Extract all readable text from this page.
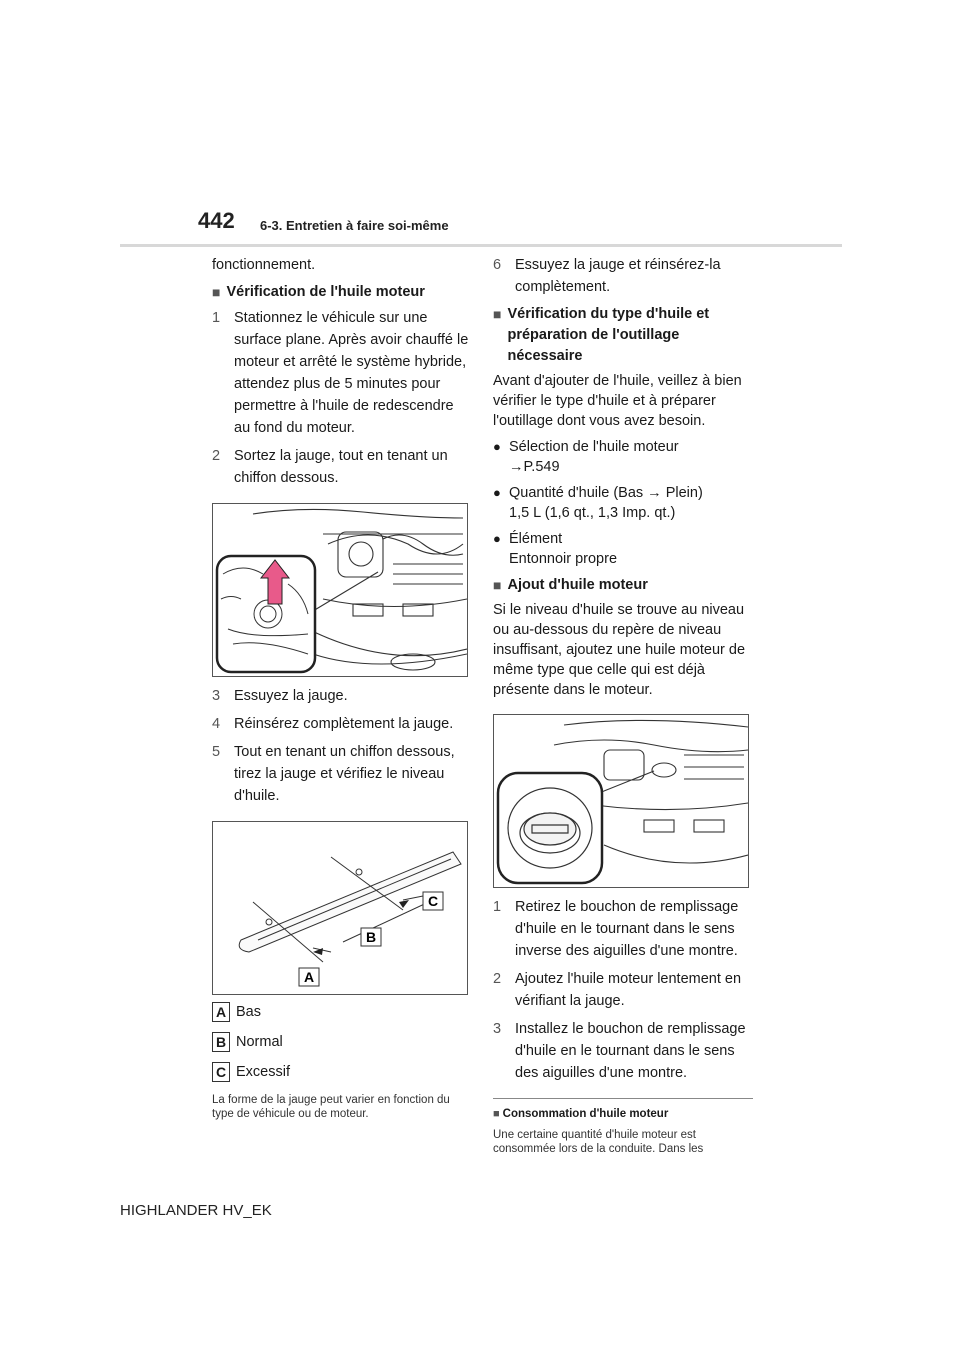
442 6-3. Entretien à faire soi-même

fonctionnement.

■ Vérification de l'huile moteur
1 Stationnez le véhicule sur une surface plane. Après avoir chauffé le moteur et arrêté le système hybride, attendez plus de 5 minutes pour permettre à l'huile de redescendre au fond du moteur.
2 Sortez la jauge, tout en tenant un chiffon dessous.
3 Essuyez la jauge.
4 Réinsérez complètement la jauge.
5 Tout en tenant un chiffon dessous, tirez la jauge et vérifiez le niveau d'huile.
A
B
C
A Bas
B Normal
C Excessif

La forme de la jauge peut varier en fonction du type de véhicule ou de moteur.

6 Essuyez la jauge et réinsérez-la complètement.
■ Vérification du type d'huile et préparation de l'outillage nécessaire

Avant d'ajouter de l'huile, veillez à bien vérifier le type d'huile et à préparer l'outillage dont vous avez besoin.

● Sélection de l'huile moteur
→P.549
● Quantité d'huile (Bas → Plein)
1,5 L (1,6 qt., 1,3 Imp. qt.)
● Élément
Entonnoir propre
■ Ajout d'huile moteur

Si le niveau d'huile se trouve au niveau ou au-dessous du repère de niveau insuffisant, ajoutez une huile moteur de même type que celle qui est déjà présente dans le moteur.

1 Retirez le bouchon de remplissage d'huile en le tournant dans le sens inverse des aiguilles d'une montre.
2 Ajoutez l'huile moteur lentement en vérifiant la jauge.
3 Installez le bouchon de remplissage d'huile en le tournant dans le sens des aiguilles d'une montre.
■ Consommation d'huile moteur

Une certaine quantité d'huile moteur est consommée lors de la conduite. Dans les

HIGHLANDER HV_EK
